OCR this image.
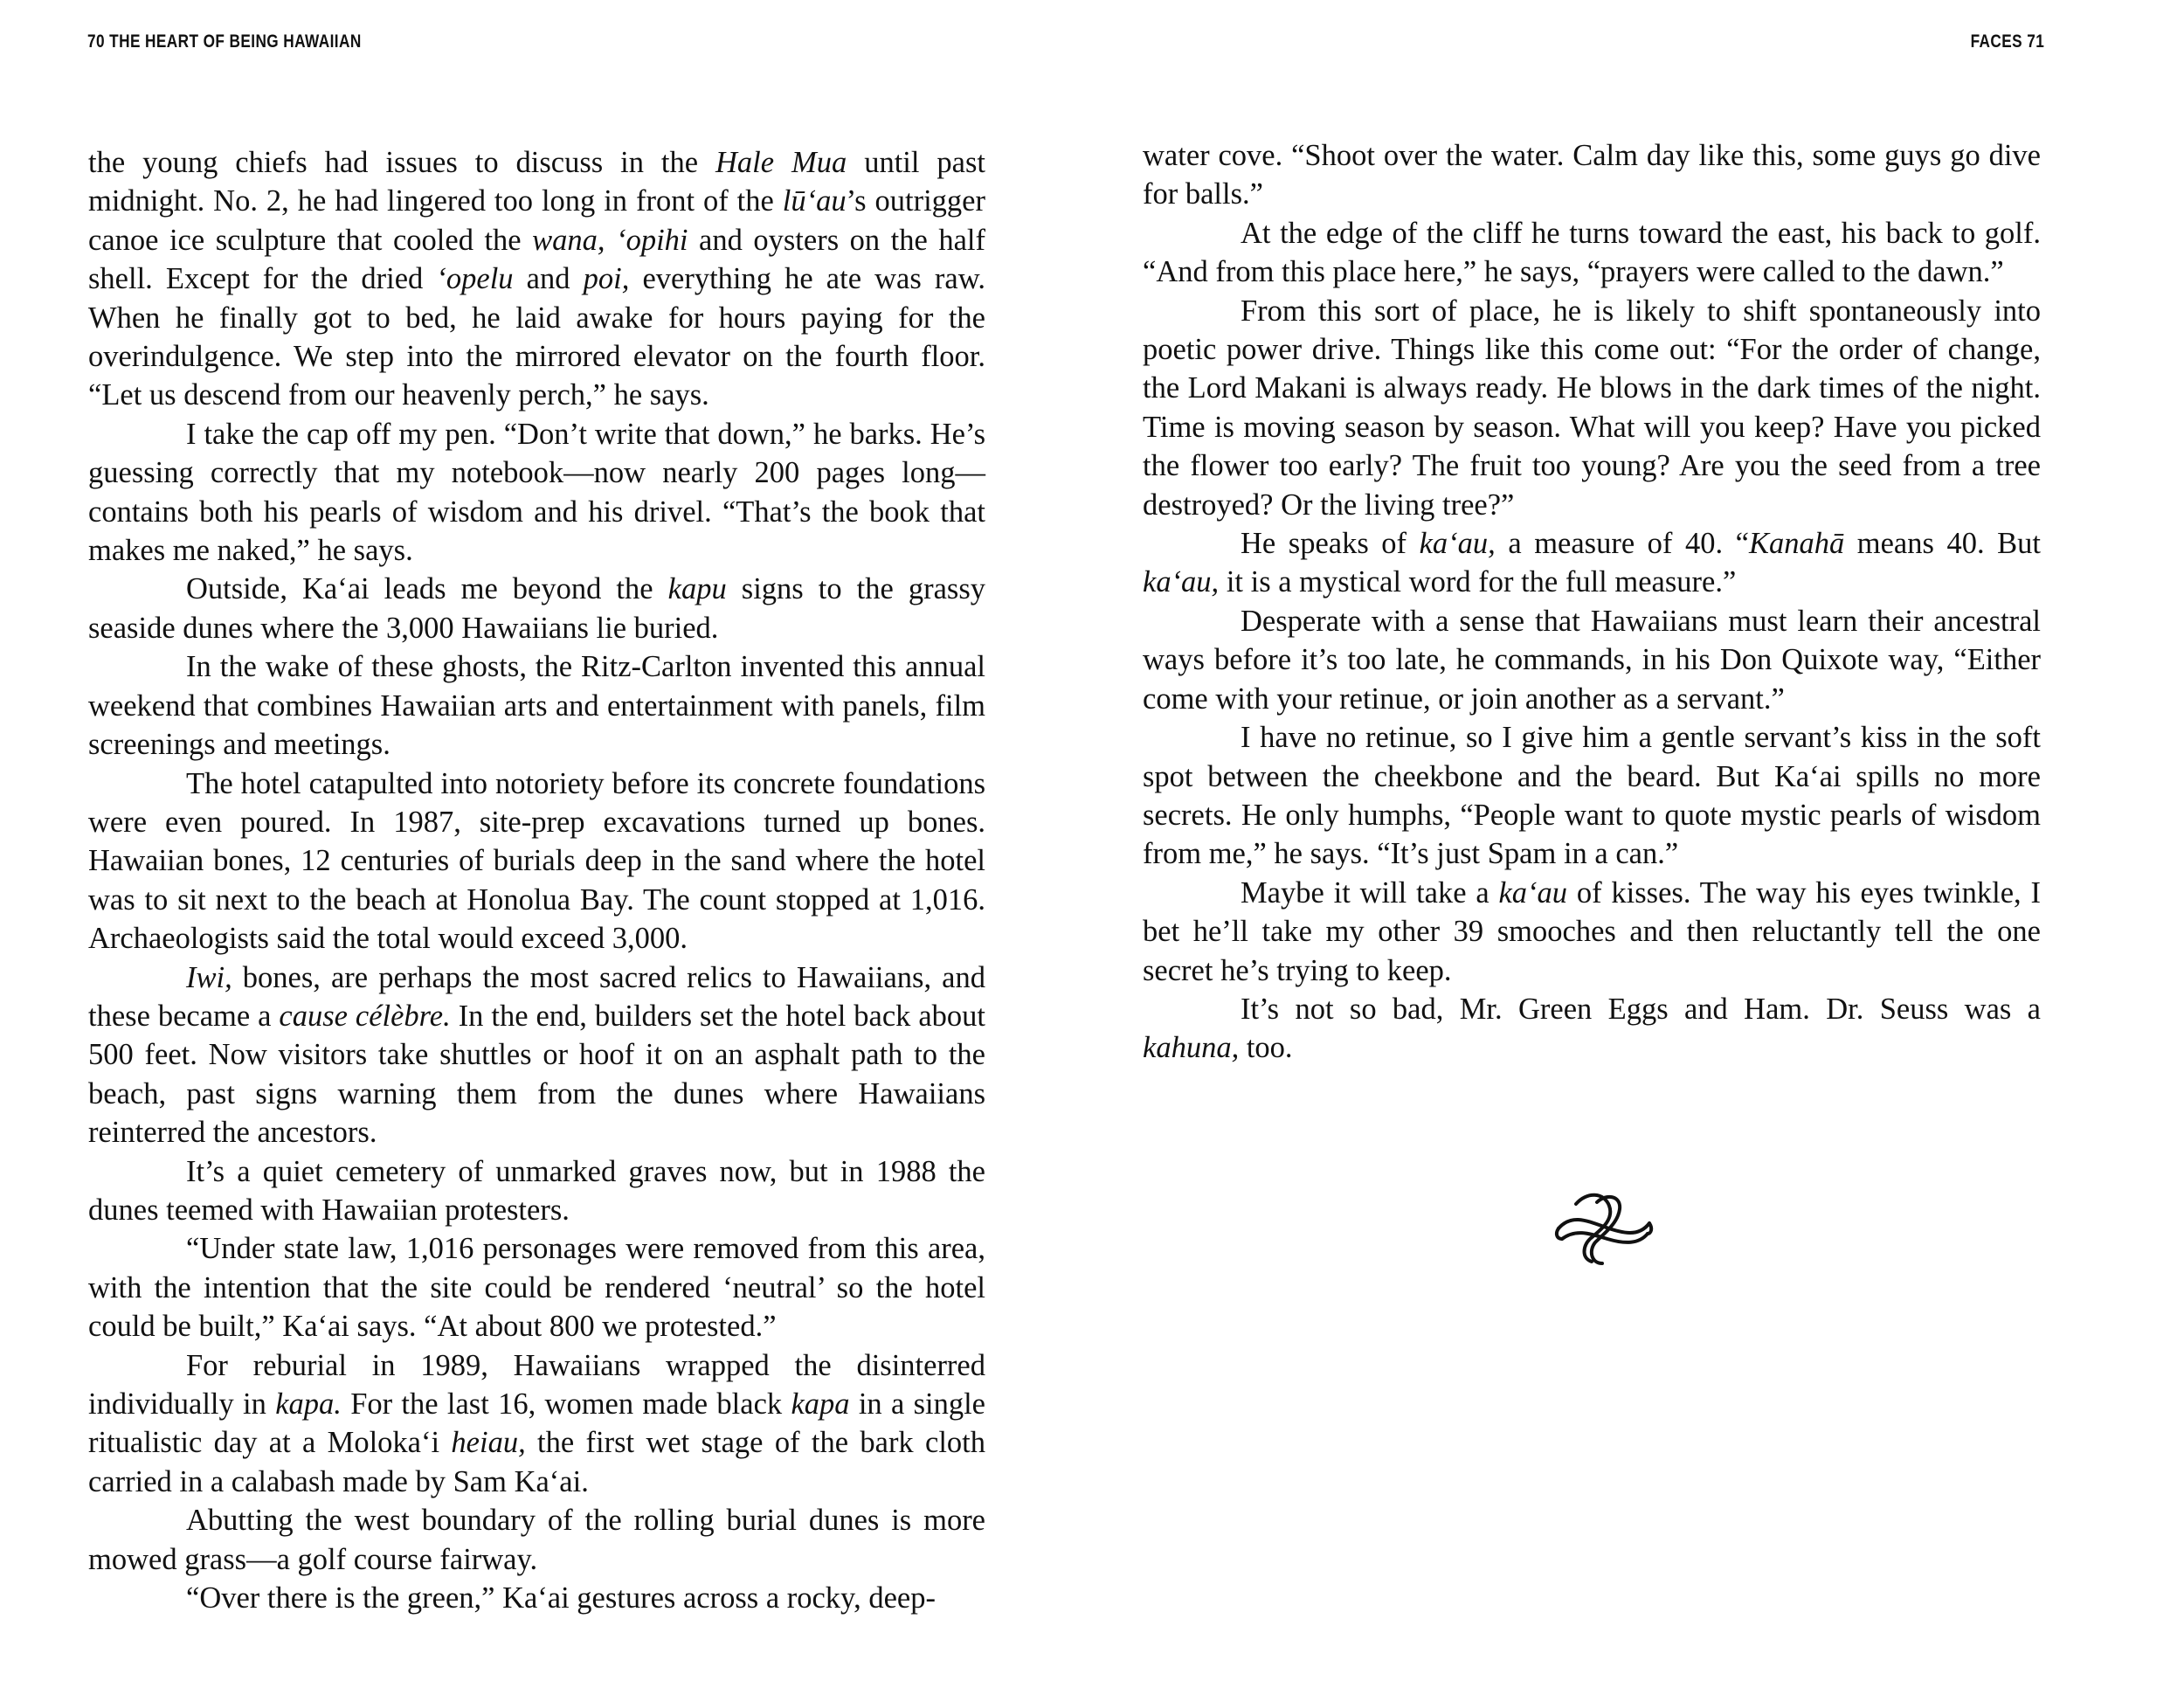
70 THE HEART OF BEING HAWAIIAN	FACES 71

the young chiefs had issues to discuss in the Hale Mua until past midnight. No. 2, he had lingered too long in front of the lū‘au’s outrigger canoe ice sculpture that cooled the wana, ‘opihi and oysters on the half shell. Except for the dried ‘opelu and poi, everything he ate was raw. When he finally got to bed, he laid awake for hours paying for the overindulgence. We step into the mirrored elevator on the fourth floor. “Let us descend from our heavenly perch,” he says.

I take the cap off my pen. “Don’t write that down,” he barks. He’s guessing correctly that my notebook—now nearly 200 pages long—contains both his pearls of wisdom and his drivel. “That’s the book that makes me naked,” he says.

Outside, Ka‘ai leads me beyond the kapu signs to the grassy seaside dunes where the 3,000 Hawaiians lie buried.

In the wake of these ghosts, the Ritz-Carlton invented this annual weekend that combines Hawaiian arts and entertainment with panels, film screenings and meetings.

The hotel catapulted into notoriety before its concrete foundations were even poured. In 1987, site-prep excavations turned up bones. Hawaiian bones, 12 centuries of burials deep in the sand where the hotel was to sit next to the beach at Honolua Bay. The count stopped at 1,016. Archaeologists said the total would exceed 3,000.

Iwi, bones, are perhaps the most sacred relics to Hawaiians, and these became a cause célèbre. In the end, builders set the hotel back about 500 feet. Now visitors take shuttles or hoof it on an asphalt path to the beach, past signs warning them from the dunes where Hawaiians reinterred the ancestors.

It’s a quiet cemetery of unmarked graves now, but in 1988 the dunes teemed with Hawaiian protesters.

“Under state law, 1,016 personages were removed from this area, with the intention that the site could be rendered ‘neutral’ so the hotel could be built,” Ka‘ai says. “At about 800 we protested.”

For reburial in 1989, Hawaiians wrapped the disinterred individually in kapa. For the last 16, women made black kapa in a single ritualistic day at a Moloka‘i heiau, the first wet stage of the bark cloth carried in a calabash made by Sam Ka‘ai.

Abutting the west boundary of the rolling burial dunes is more mowed grass—a golf course fairway.

“Over there is the green,” Ka‘ai gestures across a rocky, deep-

water cove. “Shoot over the water. Calm day like this, some guys go dive for balls.”

At the edge of the cliff he turns toward the east, his back to golf. “And from this place here,” he says, “prayers were called to the dawn.”

From this sort of place, he is likely to shift spontaneously into poetic power drive. Things like this come out: “For the order of change, the Lord Makani is always ready. He blows in the dark times of the night. Time is moving season by season. What will you keep? Have you picked the flower too early? The fruit too young? Are you the seed from a tree destroyed? Or the living tree?”

He speaks of ka‘au, a measure of 40. “Kanahā means 40. But ka‘au, it is a mystical word for the full measure.”

Desperate with a sense that Hawaiians must learn their ancestral ways before it’s too late, he commands, in his Don Quixote way, “Either come with your retinue, or join another as a servant.”

I have no retinue, so I give him a gentle servant’s kiss in the soft spot between the cheekbone and the beard. But Ka‘ai spills no more secrets. He only humphs, “People want to quote mystic pearls of wisdom from me,” he says. “It’s just Spam in a can.”

Maybe it will take a ka‘au of kisses. The way his eyes twinkle, I bet he’ll take my other 39 smooches and then reluctantly tell the one secret he’s trying to keep.

It’s not so bad, Mr. Green Eggs and Ham. Dr. Seuss was a kahuna, too.
